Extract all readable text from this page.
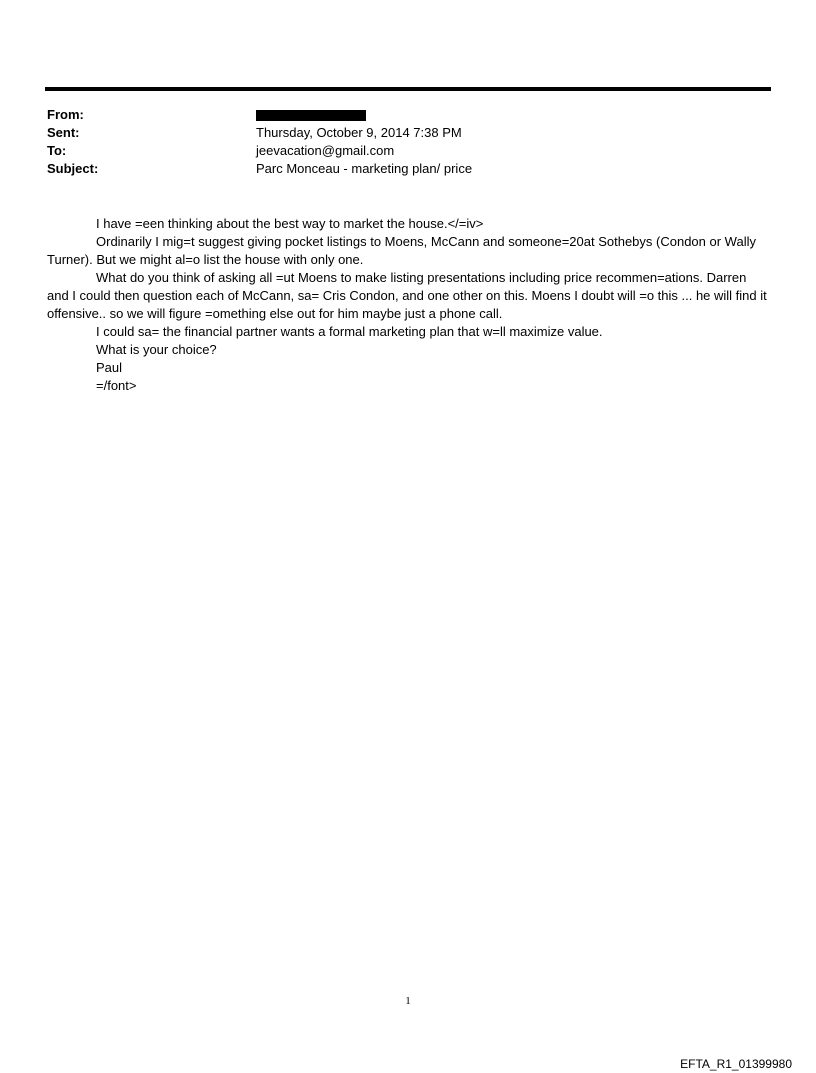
From:
Sent:	Thursday, October 9, 2014 7:38 PM
To:	jeevacation@gmail.com
Subject:	Parc Monceau - marketing plan/ price

I have =een thinking about the best way to market the house.</=iv>

Ordinarily I mig=t suggest giving pocket listings to Moens, McCann and someone=20at Sothebys (Condon or Wally Turner). But we might al=o list the house with only one.

What do you think of asking all =ut Moens to make listing presentations including price recommen=ations. Darren and I could then question each of McCann, sa= Cris Condon, and one other on this. Moens I doubt will =o this ... he will find it offensive.. so we will figure =omething else out for him maybe just a phone call.

I could sa= the financial partner wants a formal marketing plan that w=ll maximize value.

What is your choice?

Paul

=/font>

1
EFTA_R1_01399980
